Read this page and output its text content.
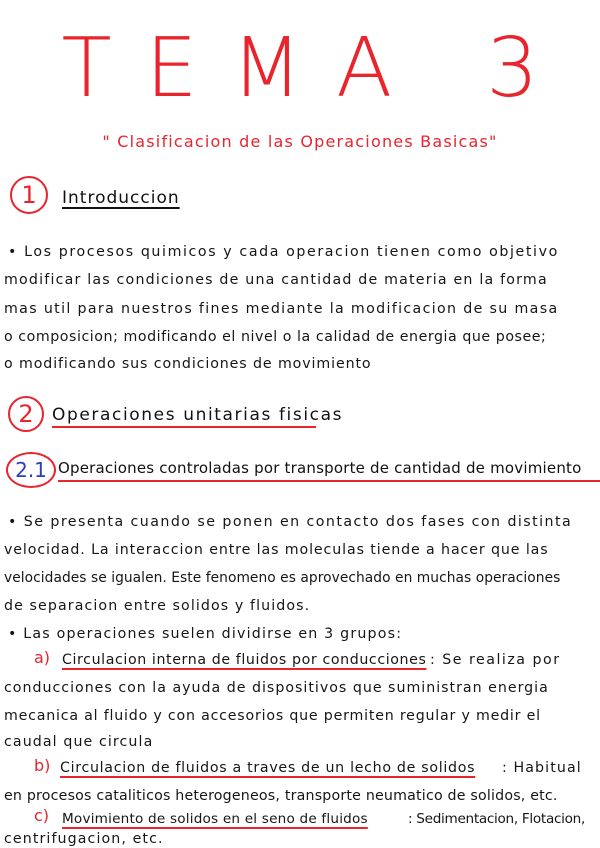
TEMA 3
" Clasificacion de las Operaciones Basicas"
1	Introduccion
• Los procesos quimicos y cada operacion tienen como objetivo
modificar las condiciones de una cantidad de materia en la forma
mas util para nuestros fines mediante la modificacion de su masa
o composicion; modificando el nivel o la calidad de energia que posee;
o modificando sus condiciones de movimiento
2	Operaciones unitarias fisicas
2.1 Operaciones controladas por transporte de cantidad de movimiento
• Se presenta cuando se ponen en contacto dos fases con distinta
velocidad. La interaccion entre las moleculas tiende a hacer que las
velocidades se igualen. Este fenomeno es aprovechado en muchas operaciones
de separacion entre solidos y fluidos.
• Las operaciones suelen dividirse en 3 grupos:
a) Circulacion interna de fluidos por conducciones : Se realiza por
conducciones con la ayuda de dispositivos que suministran energia
mecanica al fluido y con accesorios que permiten regular y medir el
caudal que circula
b) Circulacion de fluidos a traves de un lecho de solidos : Habitual
en procesos cataliticos heterogeneos, transporte neumatico de solidos, etc.
c) Movimiento de solidos en el seno de fluidos	: Sedimentacion, Flotacion,
centrifugacion, etc.
